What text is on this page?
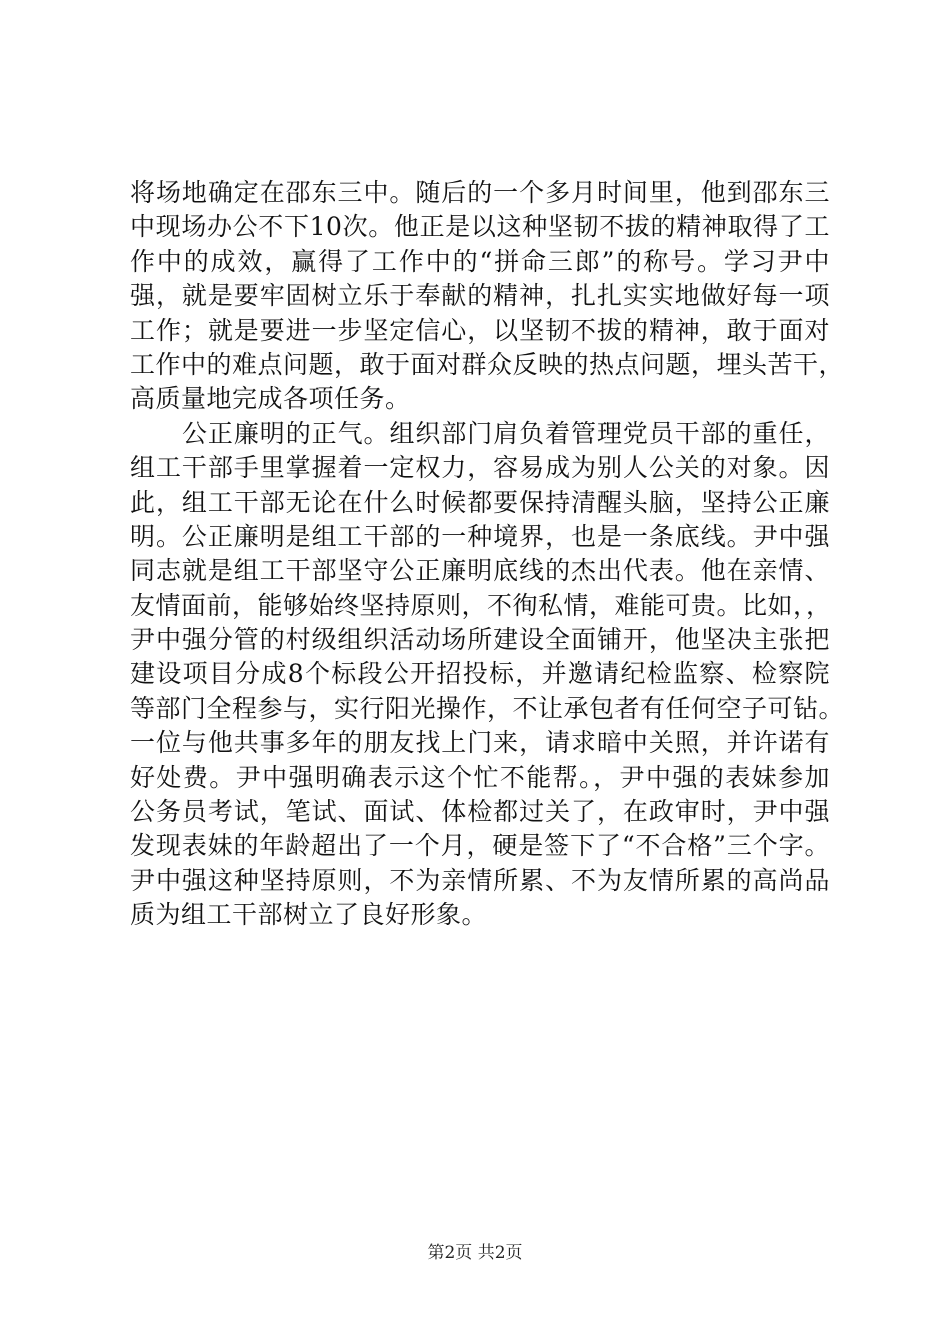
将场地确定在邵东三中。随后的一个多月时间里，他到邵东三
中现场办公不下10次。他正是以这种坚韧不拔的精神取得了工
作中的成效，赢得了工作中的“拼命三郎”的称号。学习尹中
强，就是要牢固树立乐于奉献的精神，扎扎实实地做好每一项
工作；就是要进一步坚定信心，以坚韧不拔的精神，敢于面对
工作中的难点问题，敢于面对群众反映的热点问题，埋头苦干，
高质量地完成各项任务。
公正廉明的正气。组织部门肩负着管理党员干部的重任，
组工干部手里掌握着一定权力，容易成为别人公关的对象。因
此，组工干部无论在什么时候都要保持清醒头脑，坚持公正廉
明。公正廉明是组工干部的一种境界，也是一条底线。尹中强
同志就是组工干部坚守公正廉明底线的杰出代表。他在亲情、
友情面前，能够始终坚持原则，不徇私情，难能可贵。比如，，
尹中强分管的村级组织活动场所建设全面铺开，他坚决主张把
建设项目分成8个标段公开招投标，并邀请纪检监察、检察院
等部门全程参与，实行阳光操作，不让承包者有任何空子可钻。
一位与他共事多年的朋友找上门来，请求暗中关照，并许诺有
好处费。尹中强明确表示这个忙不能帮。，尹中强的表妹参加
公务员考试，笔试、面试、体检都过关了，在政审时，尹中强
发现表妹的年龄超出了一个月，硬是签下了“不合格”三个字。
尹中强这种坚持原则，不为亲情所累、不为友情所累的高尚品
质为组工干部树立了良好形象。
第2页 共2页
